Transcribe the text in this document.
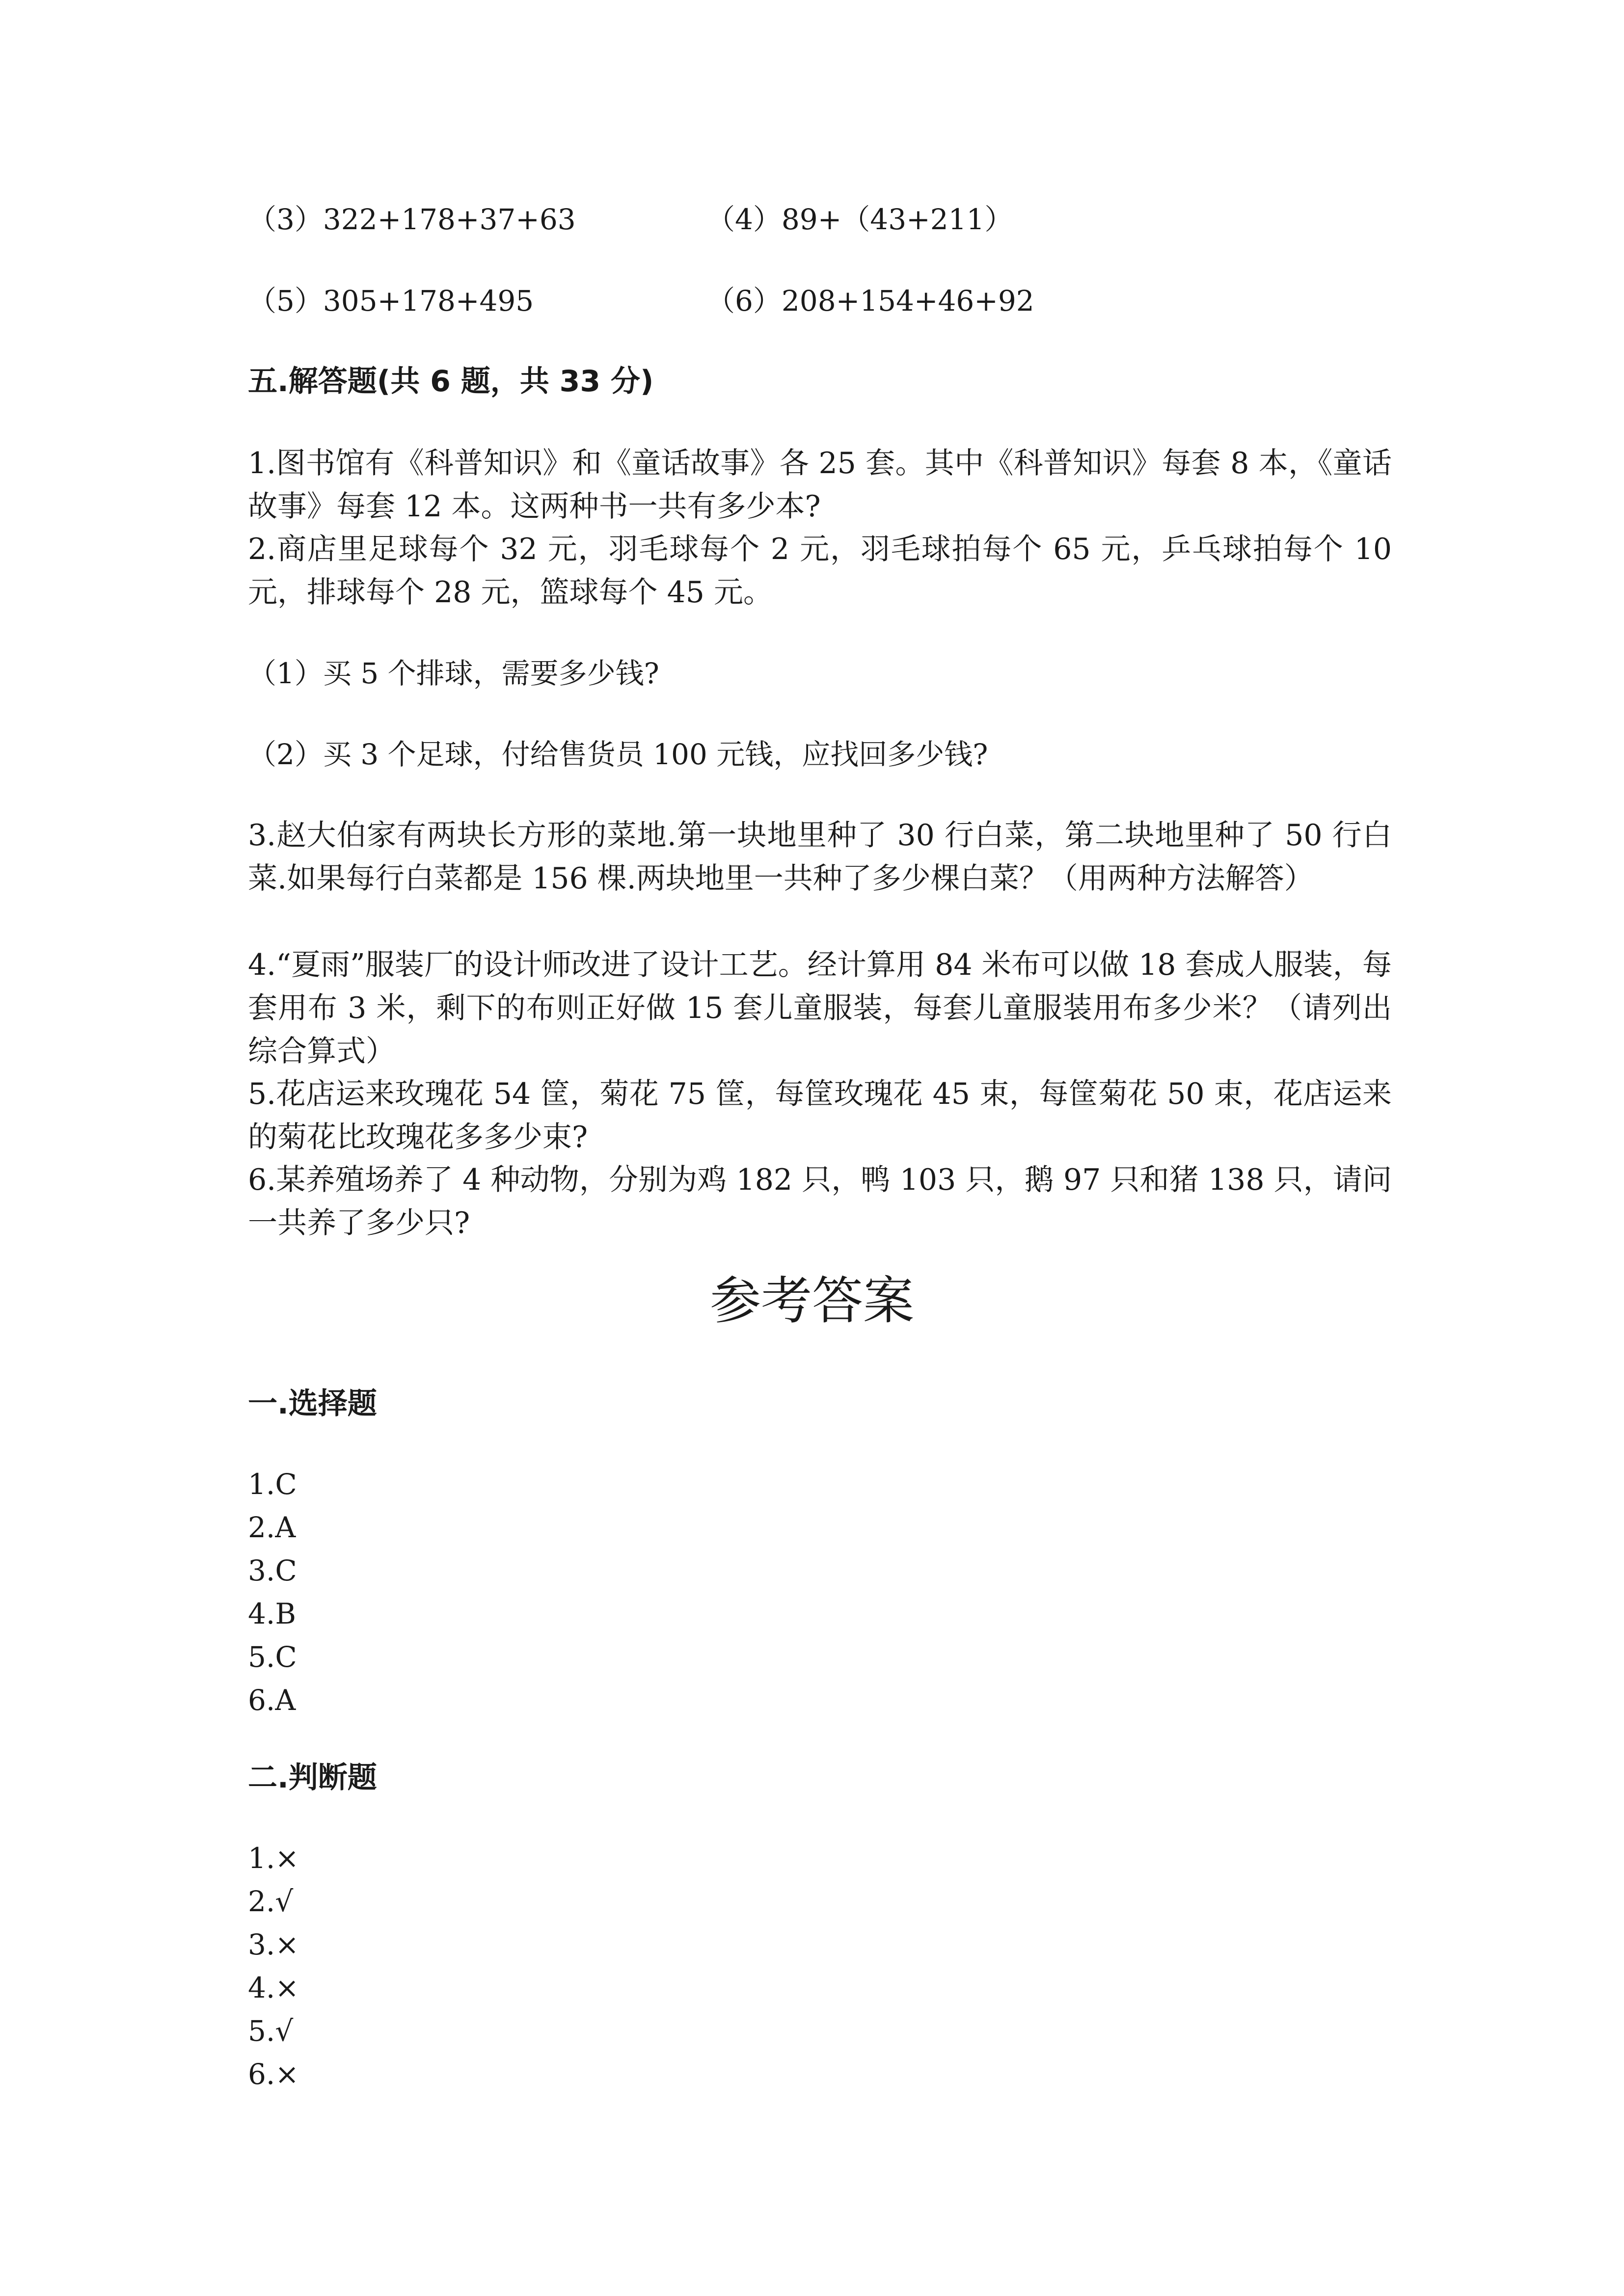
（3）322+178+37+63	（4）89+（43+211）
（5）305+178+495	（6）208+154+46+92
五.解答题(共 6 题，共 33 分)
1.图书馆有《科普知识》和《童话故事》各 25 套。其中《科普知识》每套 8 本，《童话故事》每套 12 本。这两种书一共有多少本?
2.商店里足球每个 32 元，羽毛球每个 2 元，羽毛球拍每个 65 元，乒乓球拍每个 10 元，排球每个 28 元，篮球每个 45 元。
（1）买 5 个排球，需要多少钱?
（2）买 3 个足球，付给售货员 100 元钱，应找回多少钱?
3.赵大伯家有两块长方形的菜地.第一块地里种了 30 行白菜，第二块地里种了 50 行白菜.如果每行白菜都是 156 棵.两块地里一共种了多少棵白菜？（用两种方法解答）
4.“夏雨”服装厂的设计师改进了设计工艺。经计算用 84 米布可以做 18 套成人服装，每套用布 3 米，剩下的布则正好做 15 套儿童服装，每套儿童服装用布多少米？（请列出综合算式）
5.花店运来玫瑰花 54 筐，菊花 75 筐，每筐玫瑰花 45 束，每筐菊花 50 束，花店运来的菊花比玫瑰花多多少束?
6.某养殖场养了 4 种动物，分别为鸡 182 只，鸭 103 只，鹅 97 只和猪 138 只，请问一共养了多少只?
参考答案
一.选择题
1.C
2.A
3.C
4.B
5.C
6.A
二.判断题
1.×
2.√
3.×
4.×
5.√
6.×
